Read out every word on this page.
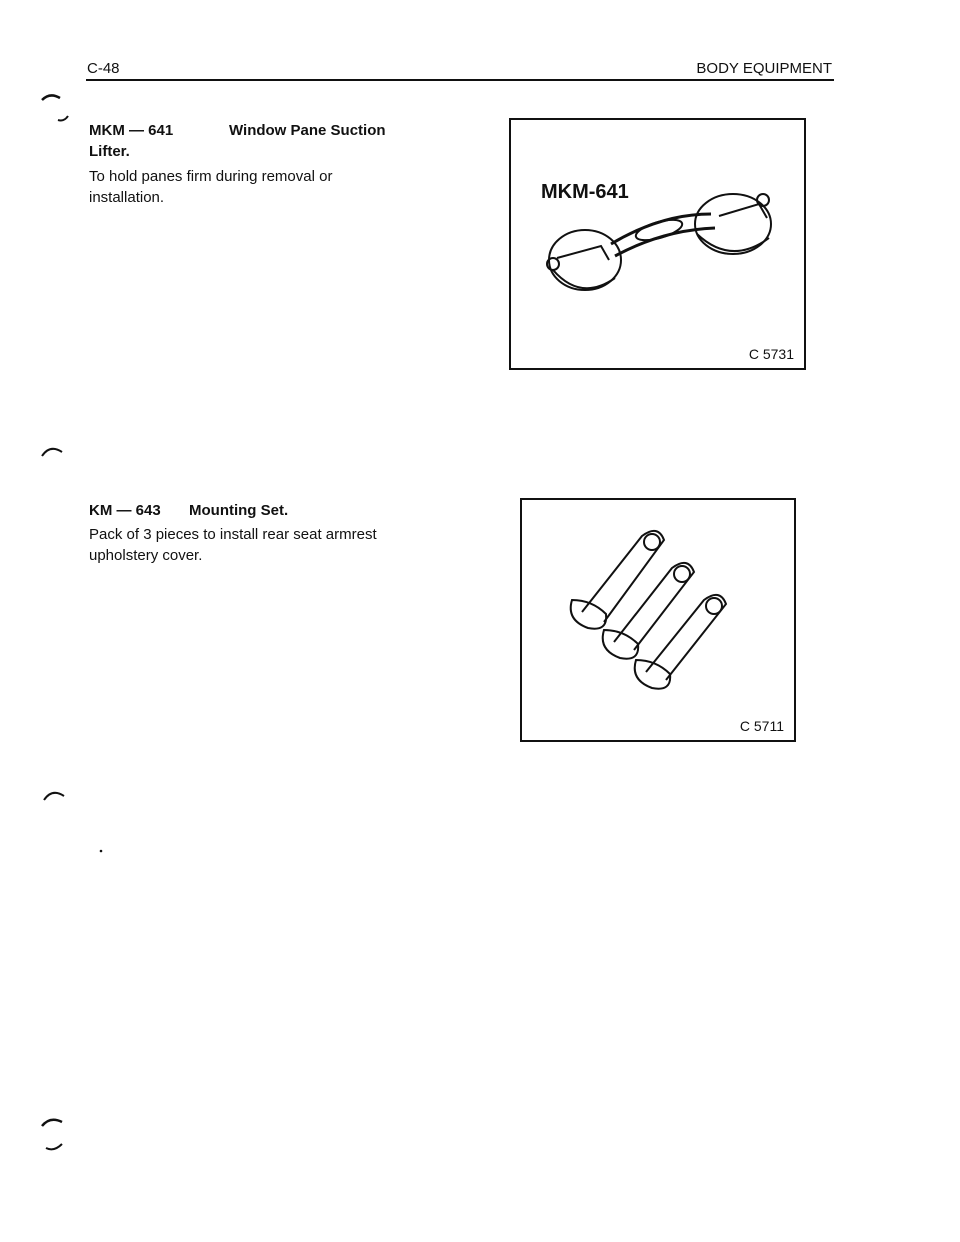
C-48	BODY EQUIPMENT
MKM — 641	Window Pane Suction
Lifter.
To hold panes firm during removal or installation.	MKM-641
C 5731
KM — 643 Mounting Set.
Pack of 3 pieces to install rear seat armrest upholstery cover.
C 5711
